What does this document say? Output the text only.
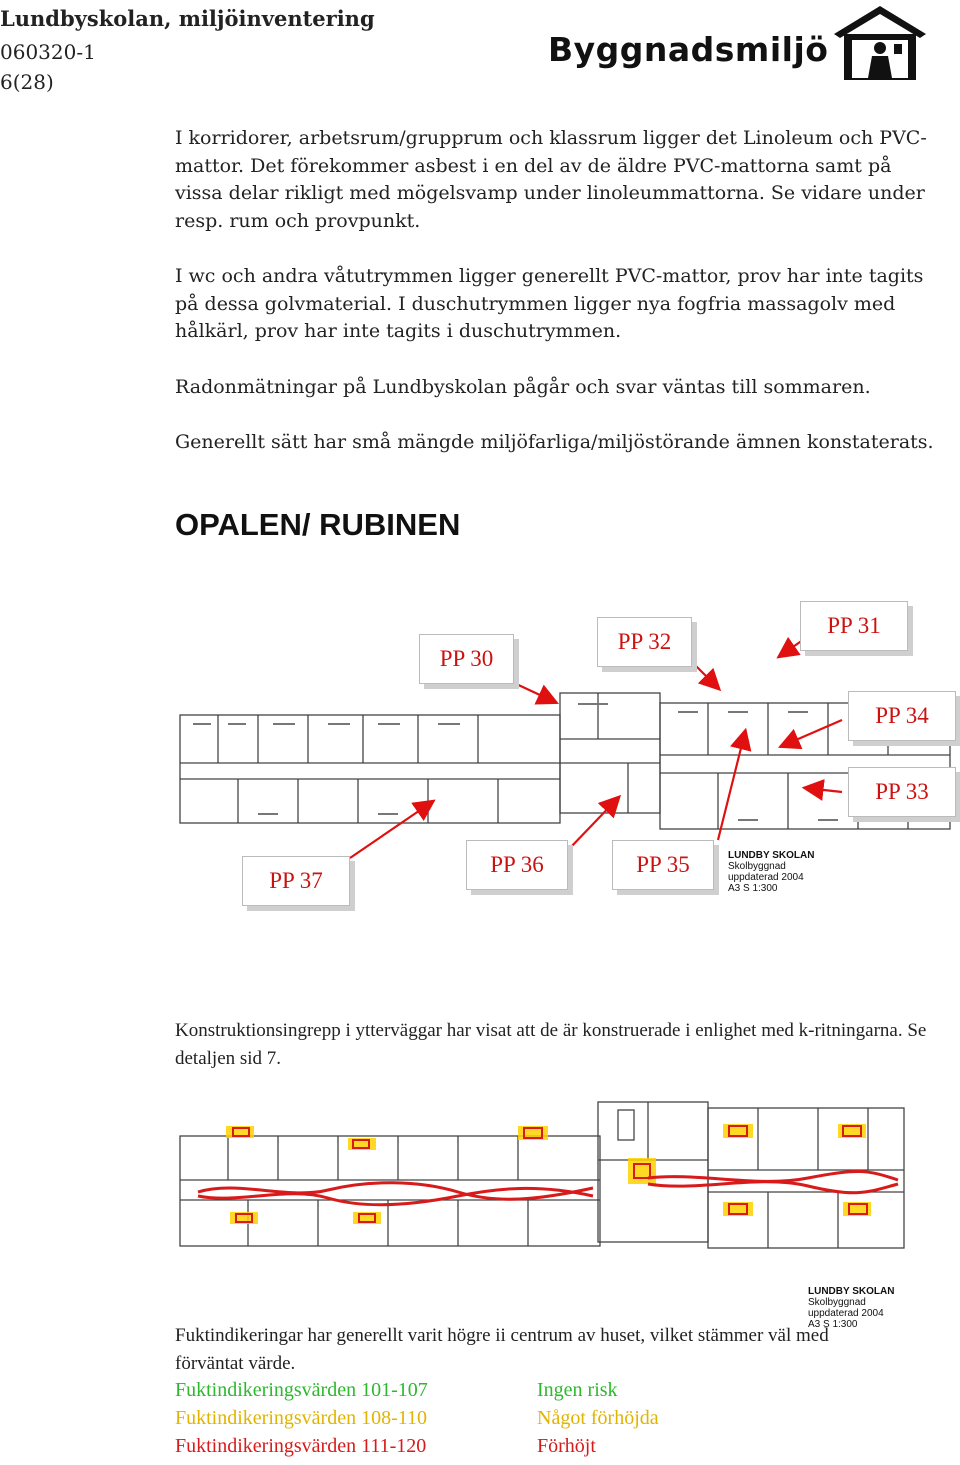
Lundbyskolan, miljöinventering
060320-1
6(28)
Byggnadsmiljö
I korridorer, arbetsrum/grupprum och klassrum ligger det Linoleum och PVC-mattor. Det förekommer asbest i en del av de äldre PVC-mattorna samt på vissa delar rikligt med mögelsvamp under linoleummattorna. Se vidare under resp. rum och provpunkt.
I wc och andra våtutrymmen ligger generellt PVC-mattor, prov har inte tagits på dessa golvmaterial. I duschutrymmen ligger nya fogfria massagolv med hålkärl, prov har inte tagits i duschutrymmen.
Radonmätningar på Lundbyskolan pågår och svar väntas till sommaren.
Generellt sätt har små mängde miljöfarliga/miljöstörande ämnen konstaterats.
OPALEN/ RUBINEN
PP 30
PP 32
PP 31
PP 34
PP 33
PP 37
PP 36	PP 35	LUNDBY SKOLAN
Skolbyggnad
uppdaterad 2004
A3 S 1:300
Konstruktionsingrepp i ytterväggar har visat att de är konstruerade i enlighet med k-ritningarna. Se detaljen sid 7.
LUNDBY SKOLAN
Skolbyggnad
uppdaterad 2004
A3 S 1:300
Fuktindikeringar har generellt varit högre ii centrum av huset, vilket stämmer väl med förväntat värde.
Fuktindikeringsvärden 101-107	Ingen risk
Fuktindikeringsvärden 108-110	Något förhöjda
Fuktindikeringsvärden 111-120	Förhöjt
